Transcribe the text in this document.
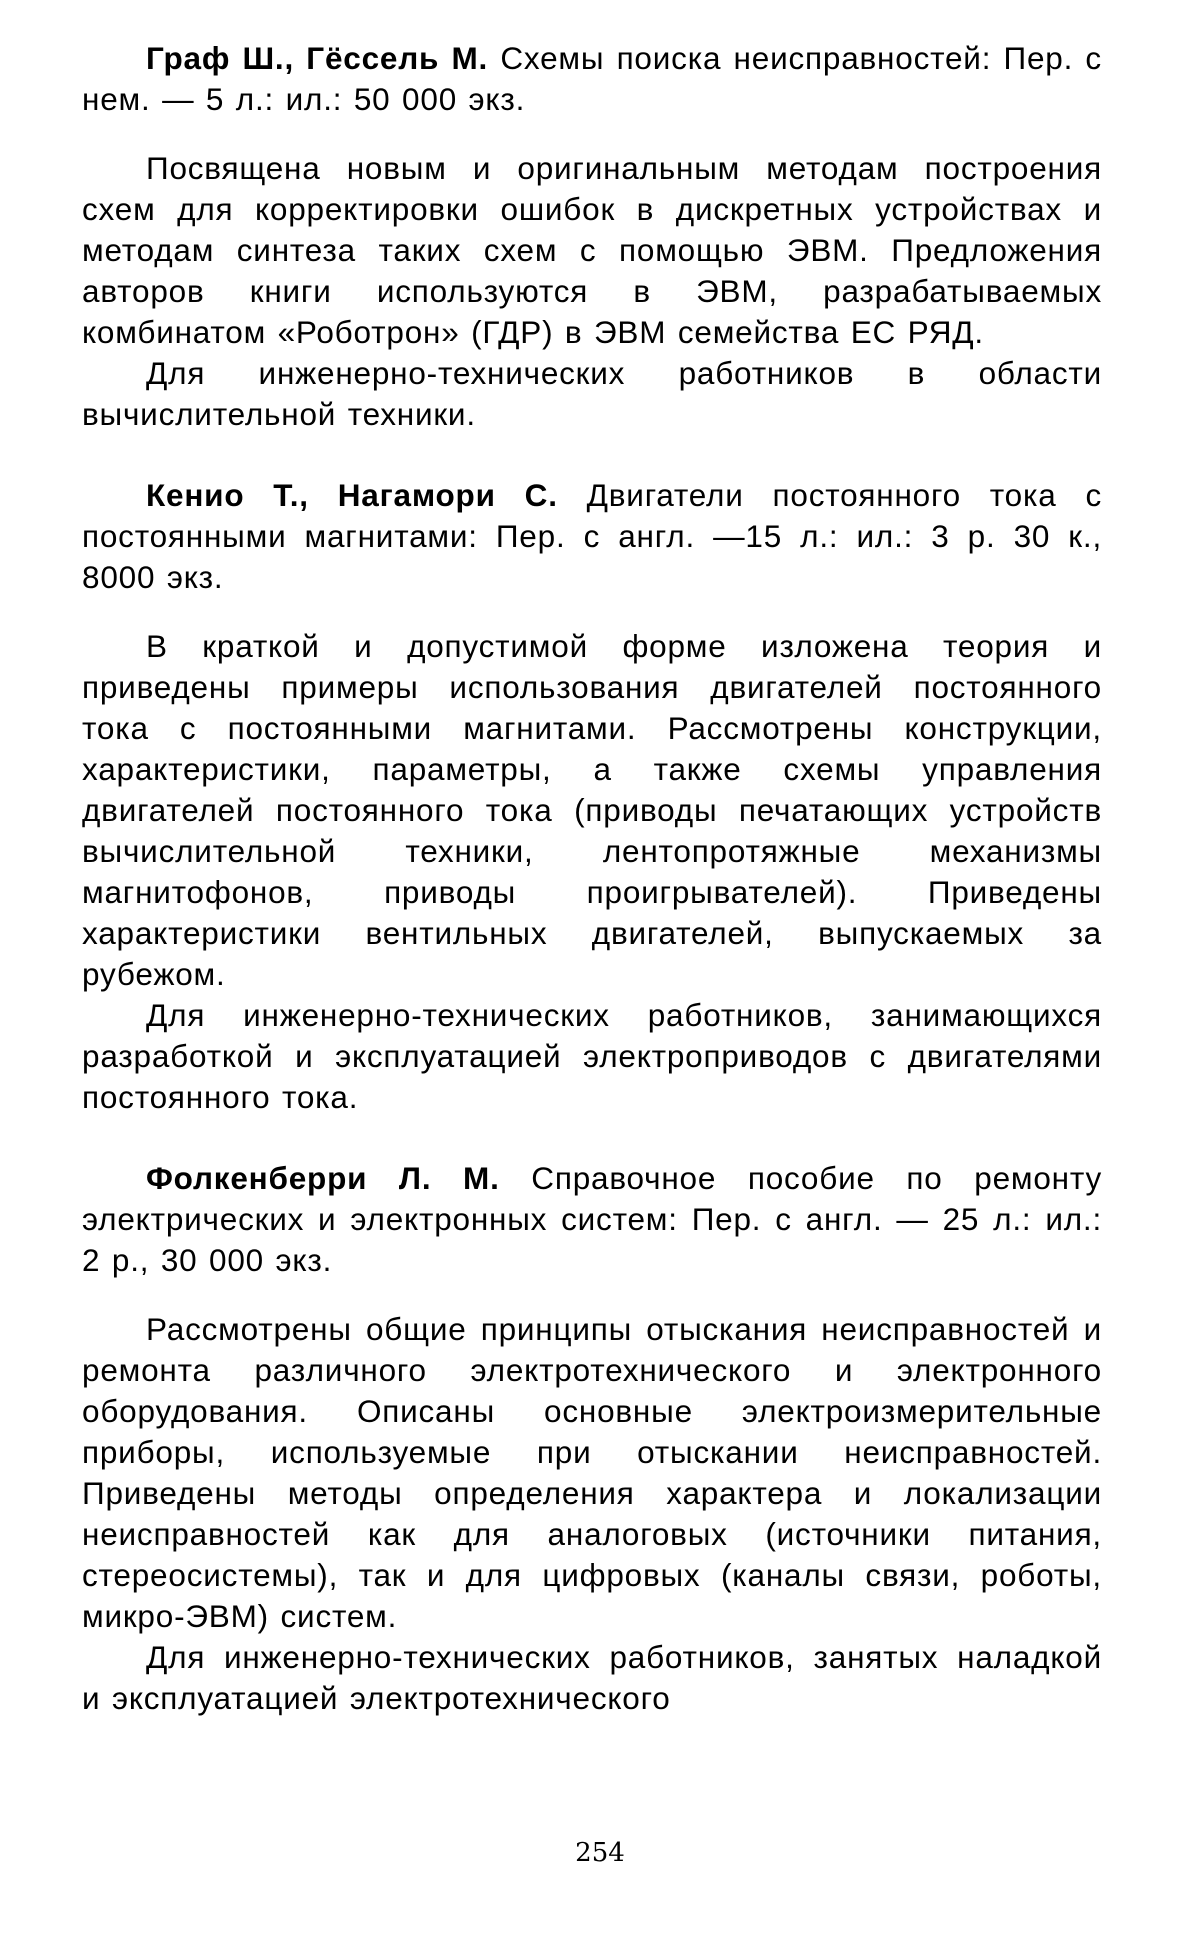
Граф Ш., Гёссель М. Схемы поиска неисправностей: Пер. с нем. — 5 л.: ил.: 50 000 экз.

Посвящена новым и оригинальным методам построения схем для корректировки ошибок в дискретных устройствах и методам синтеза таких схем с помощью ЭВМ. Предложения авторов книги используются в ЭВМ, разрабатываемых комбинатом «Роботрон» (ГДР) в ЭВМ семейства ЕС РЯД.

Для инженерно-технических работников в области вычислительной техники.

Кенио Т., Нагамори С. Двигатели постоянного тока с постоянными магнитами: Пер. с англ. —15 л.: ил.: 3 р. 30 к., 8000 экз.

В краткой и допустимой форме изложена теория и приведены примеры использования двигателей постоянного тока с постоянными магнитами. Рассмотрены конструкции, характеристики, параметры, а также схемы управления двигателей постоянного тока (приводы печатающих устройств вычислительной техники, лентопротяжные механизмы магнитофонов, приводы проигрывателей). Приведены характеристики вентильных двигателей, выпускаемых за рубежом.

Для инженерно-технических работников, занимающихся разработкой и эксплуатацией электроприводов с двигателями постоянного тока.

Фолкенберри Л. М. Справочное пособие по ремонту электрических и электронных систем: Пер. с англ. — 25 л.: ил.: 2 р., 30 000 экз.

Рассмотрены общие принципы отыскания неисправностей и ремонта различного электротехнического и электронного оборудования. Описаны основные электроизмерительные приборы, используемые при отыскании неисправностей. Приведены методы определения характера и локализации неисправностей как для аналоговых (источники питания, стереосистемы), так и для цифровых (каналы связи, роботы, микро-ЭВМ) систем.

Для инженерно-технических работников, занятых наладкой и эксплуатацией электротехнического

254
